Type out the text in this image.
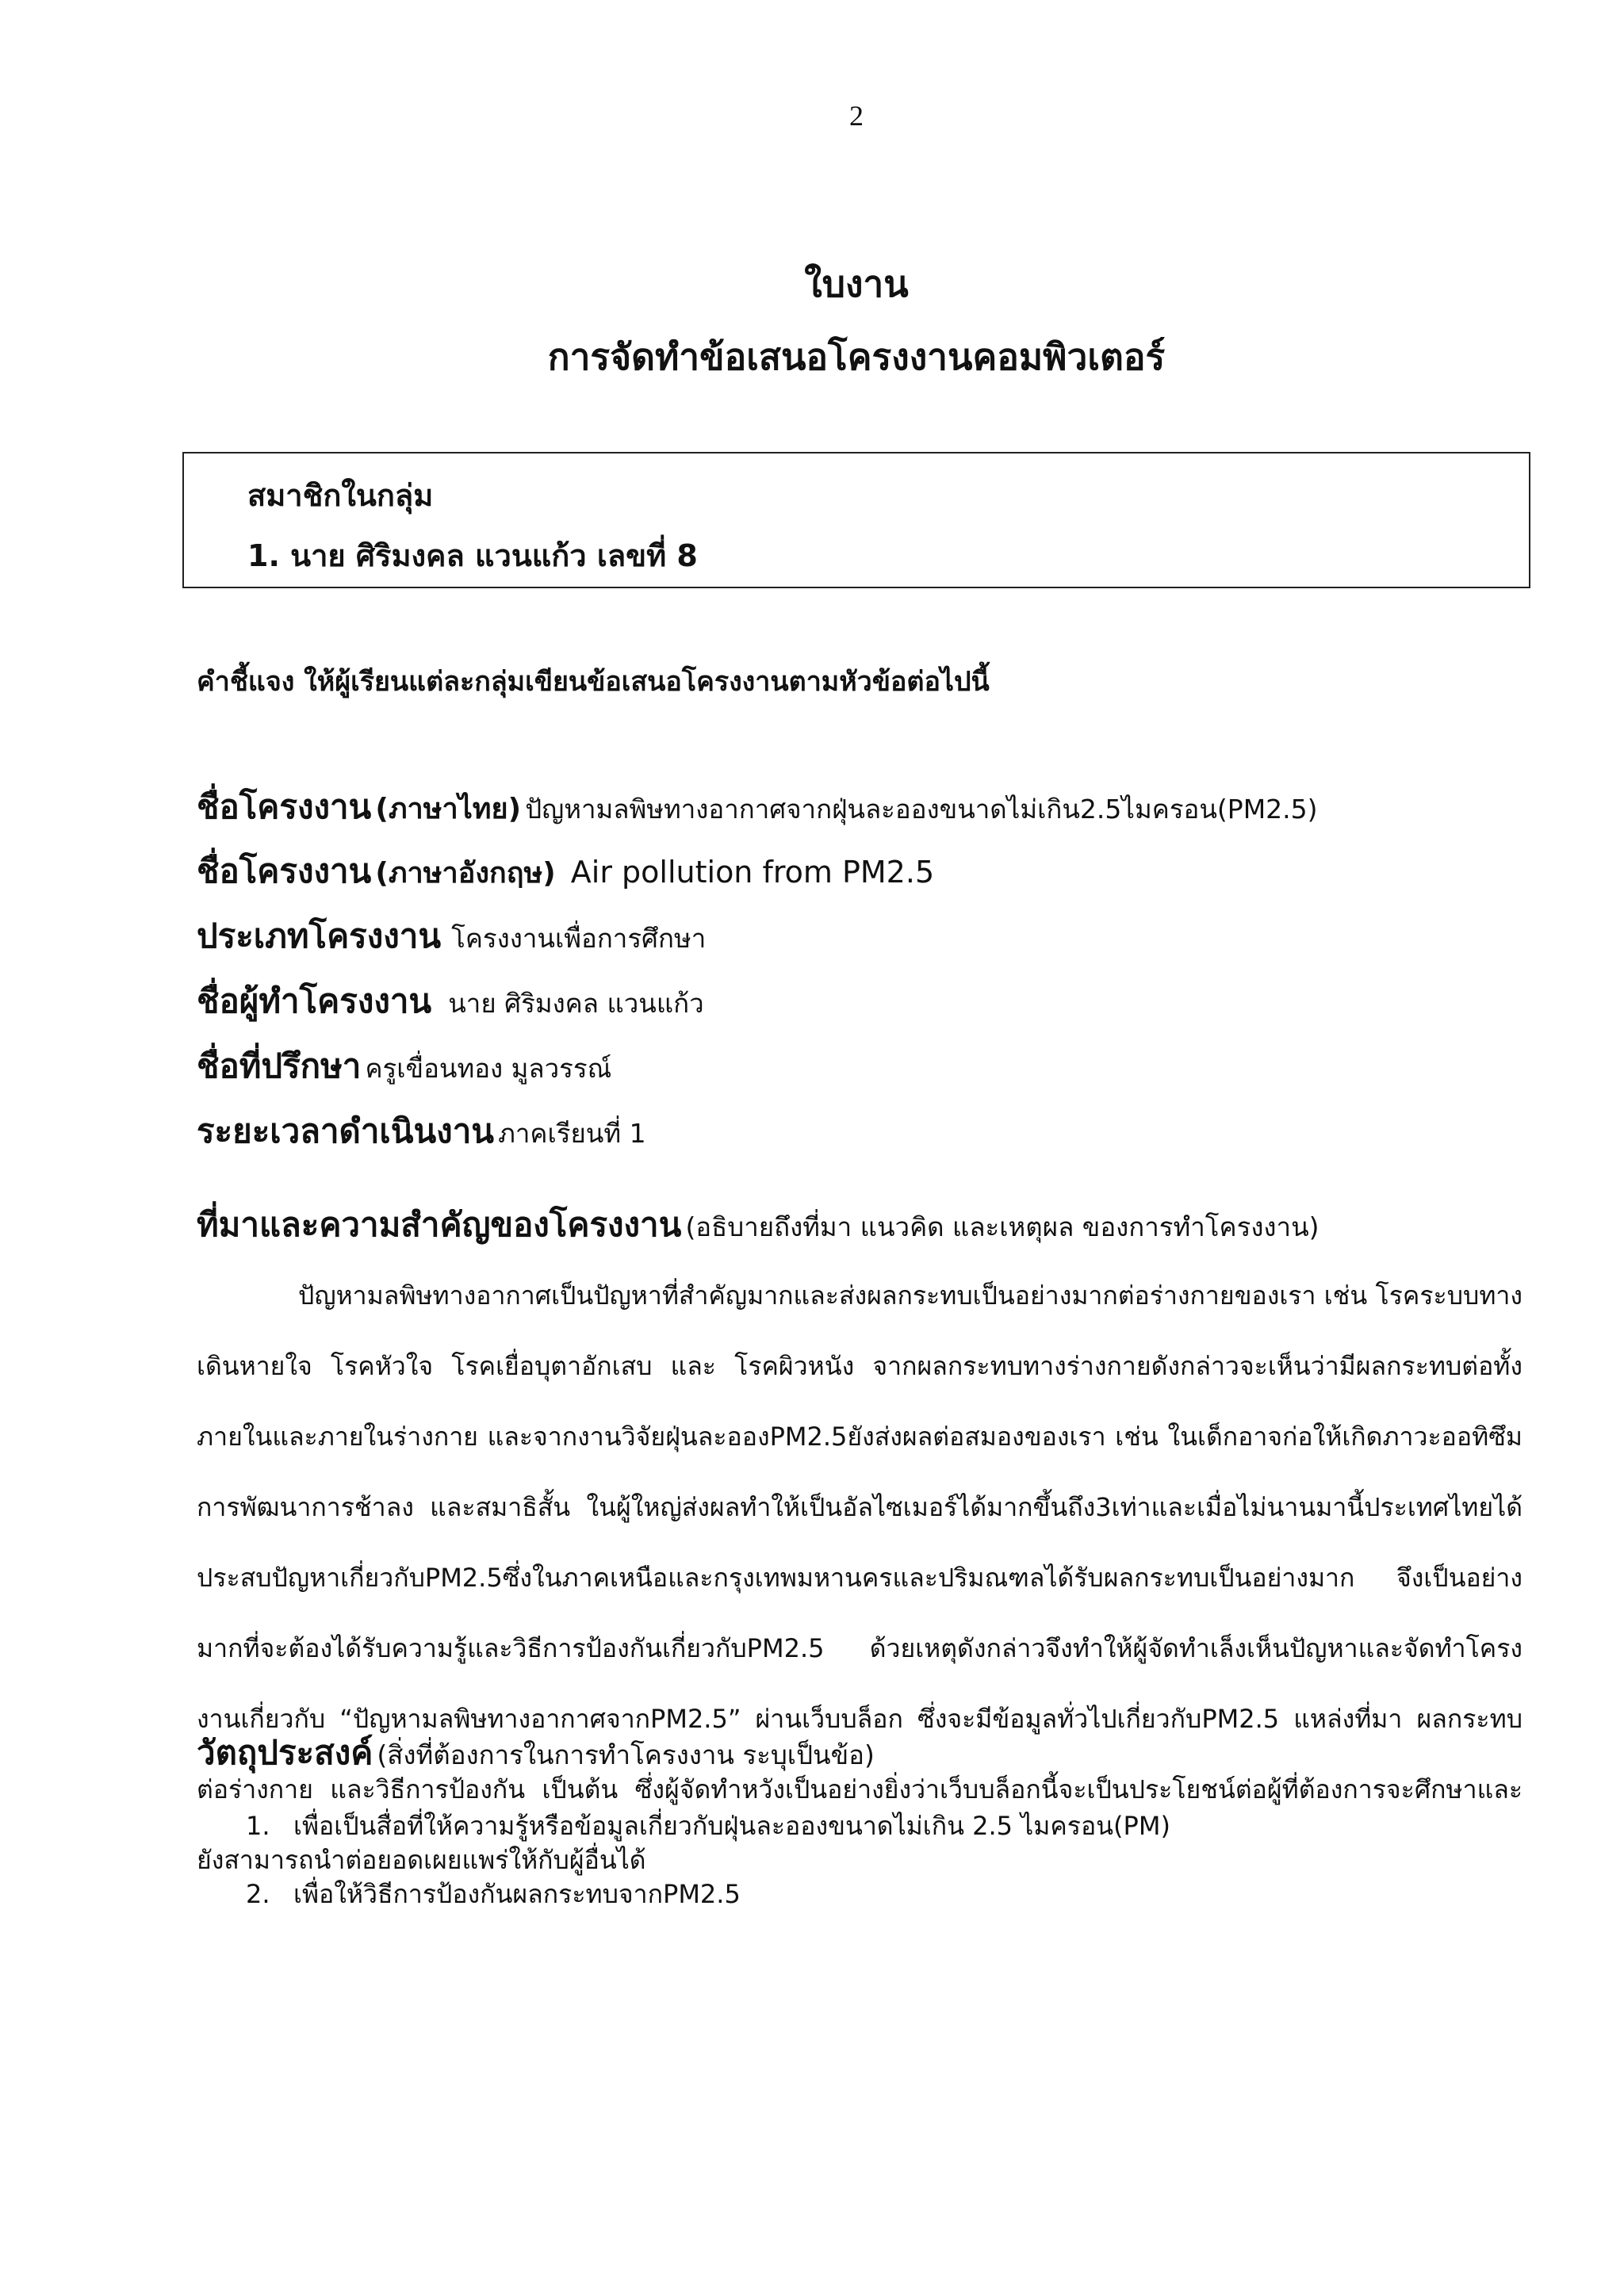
2
ใบงาน
การจัดทำข้อเสนอโครงงานคอมพิวเตอร์
สมาชิกในกลุ่ม
1. นาย ศิริมงคล แวนแก้ว เลขที่ 8
คำชี้แจง ให้ผู้เรียนแต่ละกลุ่มเขียนข้อเสนอโครงงานตามหัวข้อต่อไปนี้
ชื่อโครงงาน (ภาษาไทย) ปัญหามลพิษทางอากาศจากฝุ่นละอองขนาดไม่เกิน2.5ไมครอน(PM2.5)
ชื่อโครงงาน (ภาษาอังกฤษ) Air pollution from PM2.5
ประเภทโครงงาน โครงงานเพื่อการศึกษา
ชื่อผู้ทำโครงงาน นาย ศิริมงคล แวนแก้ว
ชื่อที่ปรึกษา ครูเขื่อนทอง มูลวรรณ์
ระยะเวลาดำเนินงาน ภาคเรียนที่ 1
ที่มาและความสำคัญของโครงงาน (อธิบายถึงที่มา แนวคิด และเหตุผล ของการทำโครงงาน)
ปัญหามลพิษทางอากาศเป็นปัญหาที่สำคัญมากและส่งผลกระทบเป็นอย่างมากต่อร่างกายของเรา เช่น โรคระบบทางเดินหายใจ โรคหัวใจ โรคเยื่อบุตาอักเสบ และ โรคผิวหนัง จากผลกระทบทางร่างกายดังกล่าวจะเห็นว่ามีผลกระทบต่อทั้งภายในและภายในร่างกาย และจากงานวิจัยฝุ่นละอองPM2.5ยังส่งผลต่อสมองของเรา เช่น ในเด็กอาจก่อให้เกิดภาวะออทิซึม การพัฒนาการช้าลง และสมาธิสั้น ในผู้ใหญ่ส่งผลทำให้เป็นอัลไซเมอร์ได้มากขึ้นถึง3เท่าและเมื่อไม่นานมานี้ประเทศไทยได้ประสบปัญหาเกี่ยวกับPM2.5ซึ่งในภาคเหนือและกรุงเทพมหานครและปริมณฑลได้รับผลกระทบเป็นอย่างมาก จึงเป็นอย่างมากที่จะต้องได้รับความรู้และวิธีการป้องกันเกี่ยวกับPM2.5 ด้วยเหตุดังกล่าวจึงทำให้ผู้จัดทำเล็งเห็นปัญหาและจัดทำโครงงานเกี่ยวกับ “ปัญหามลพิษทางอากาศจากPM2.5” ผ่านเว็บบล็อก ซึ่งจะมีข้อมูลทั่วไปเกี่ยวกับPM2.5 แหล่งที่มา ผลกระทบต่อร่างกาย และวิธีการป้องกัน เป็นต้น ซึ่งผู้จัดทำหวังเป็นอย่างยิ่งว่าเว็บบล็อกนี้จะเป็นประโยชน์ต่อผู้ที่ต้องการจะศึกษาและยังสามารถนำต่อยอดเผยแพร่ให้กับผู้อื่นได้
วัตถุประสงค์ (สิ่งที่ต้องการในการทำโครงงาน ระบุเป็นข้อ)
1. เพื่อเป็นสื่อที่ให้ความรู้หรือข้อมูลเกี่ยวกับฝุ่นละอองขนาดไม่เกิน 2.5 ไมครอน(PM)
2. เพื่อให้วิธีการป้องกันผลกระทบจากPM2.5
